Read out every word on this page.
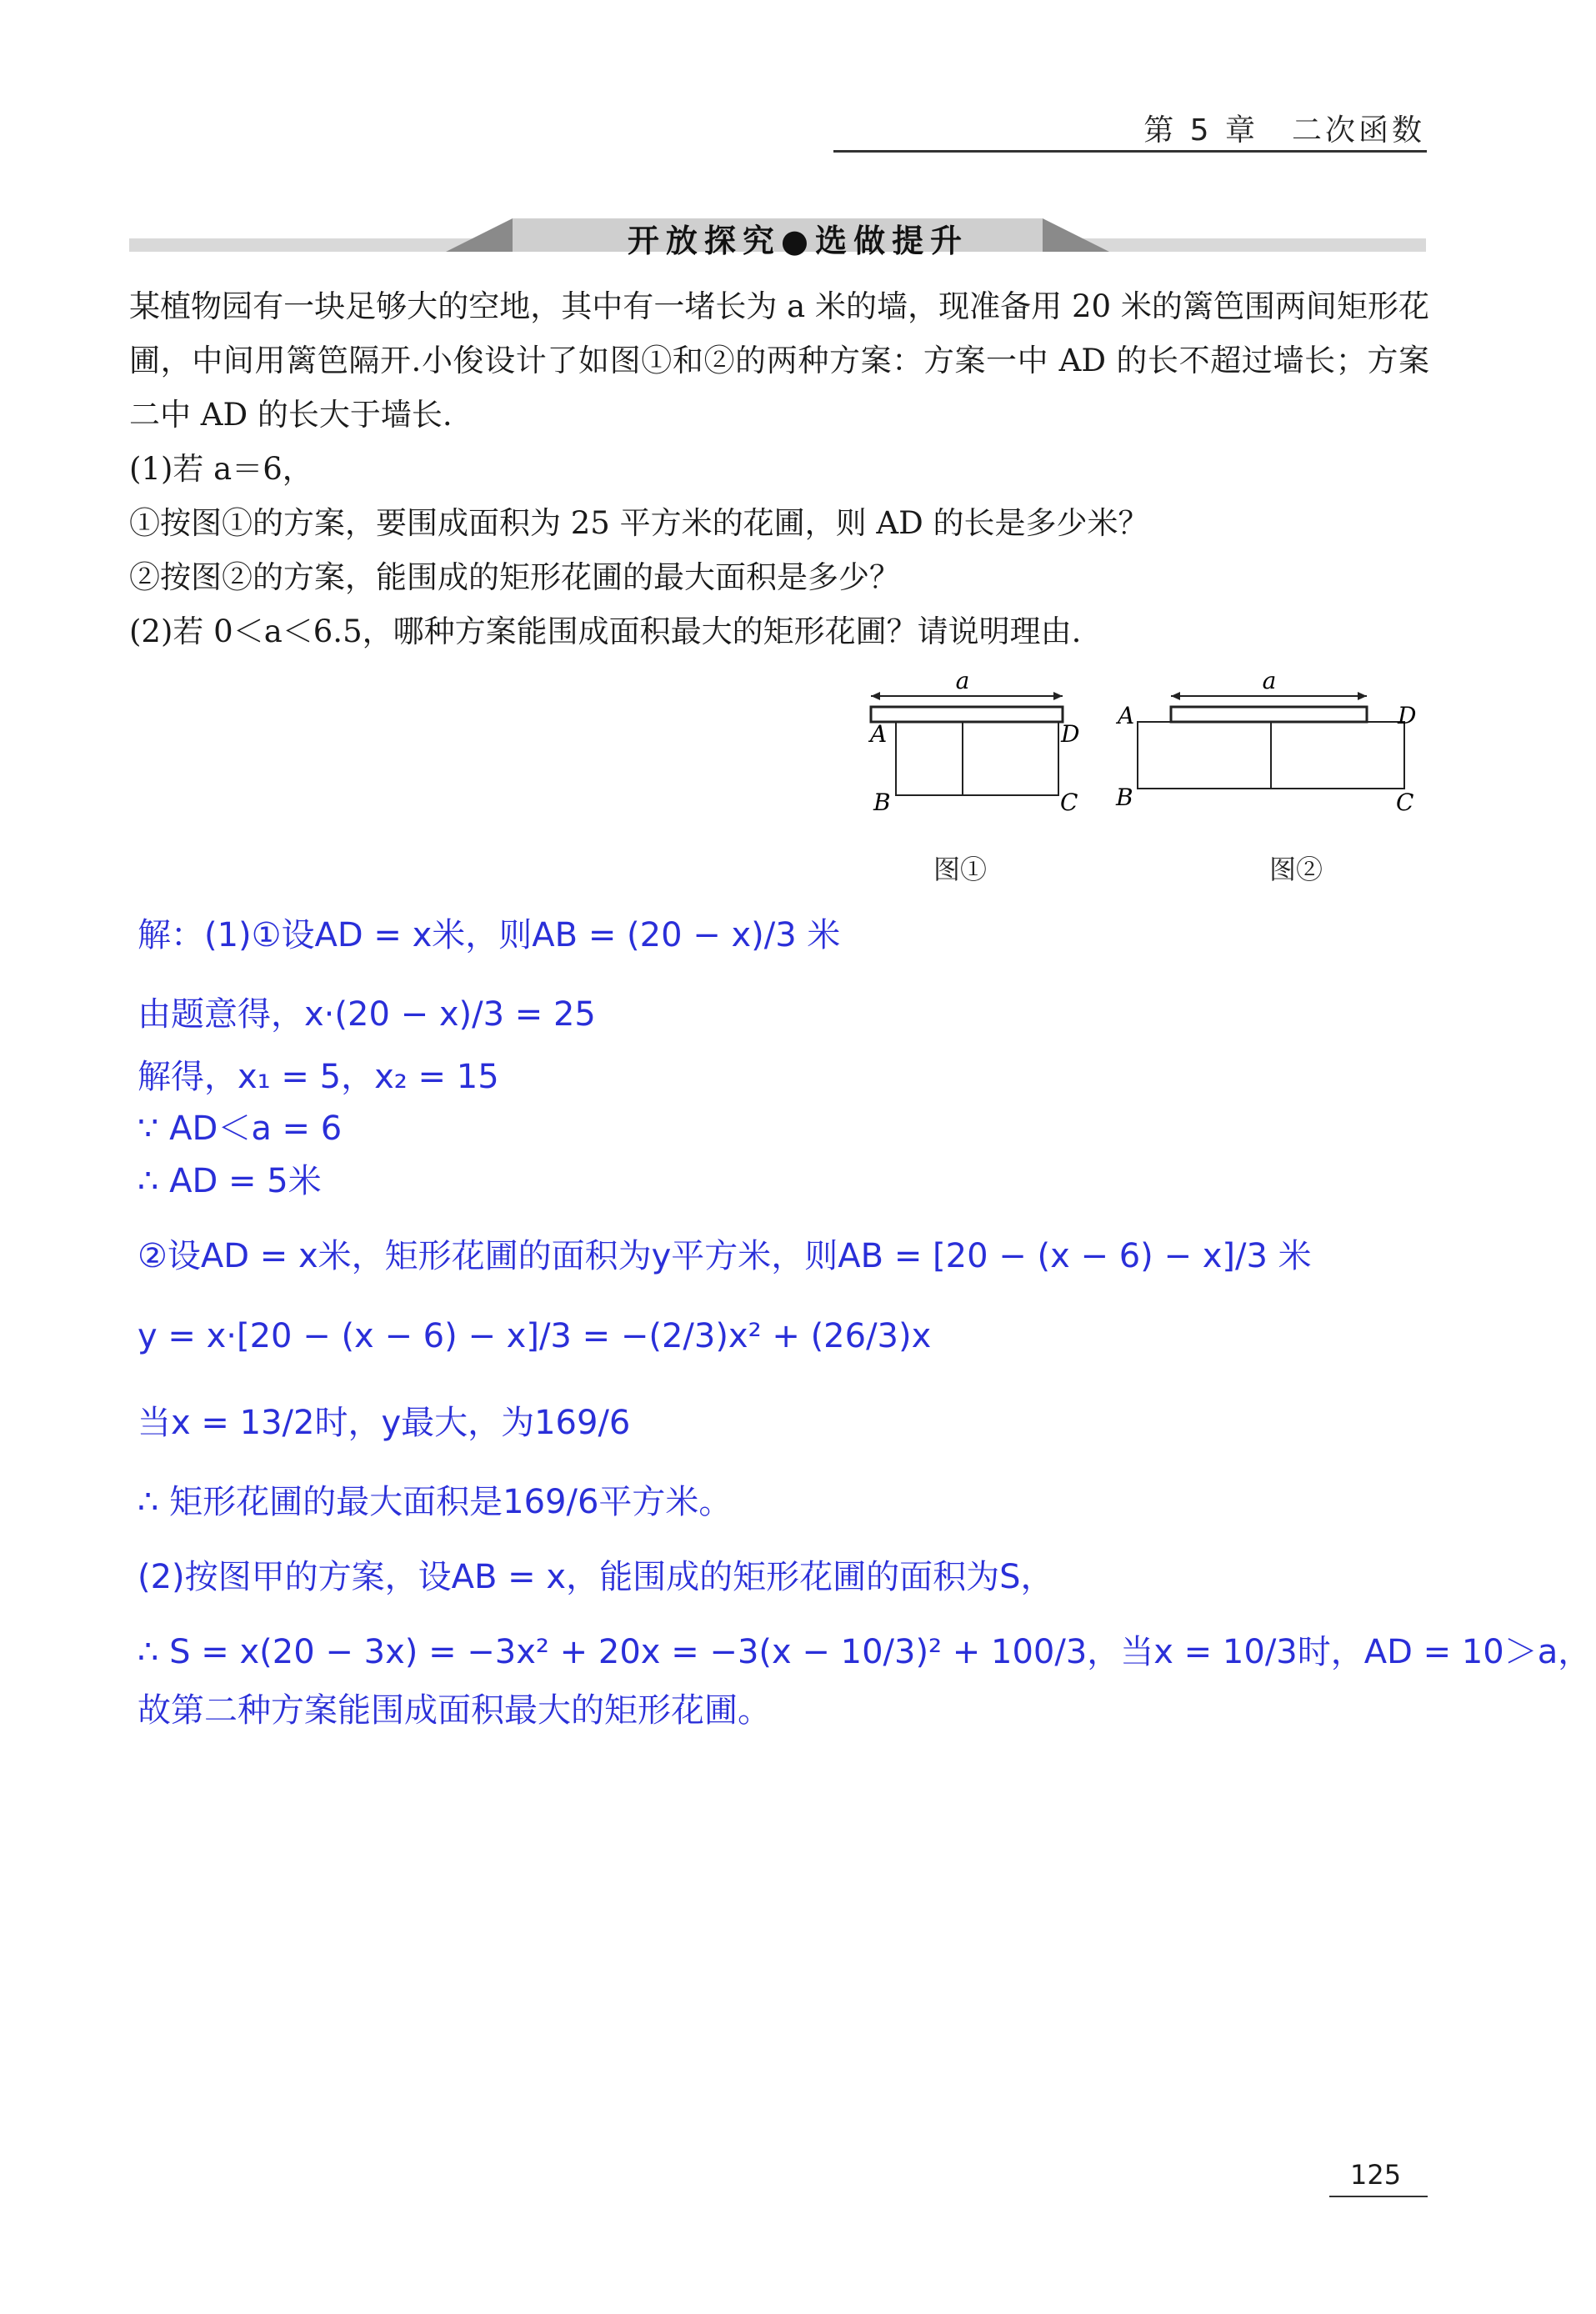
第 5 章　二次函数
开放探究●选做提升

某植物园有一块足够大的空地，其中有一堵长为 a 米的墙，现准备用 20 米的篱笆围两间矩形花圃，中间用篱笆隔开.小俊设计了如图①和②的两种方案：方案一中 AD 的长不超过墙长；方案二中 AD 的长大于墙长.

(1)若 a＝6，

①按图①的方案，要围成面积为 25 平方米的花圃，则 AD 的长是多少米？

②按图②的方案，能围成的矩形花圃的最大面积是多少？

(2)若 0＜a＜6.5，哪种方案能围成面积最大的矩形花圃？请说明理由.

a
A	D
B	C
图①
a
A	D
B	C
图②
解：(1)①设AD = x米，则AB = (20 − x)/3 米
由题意得，x·(20 − x)/3 = 25
解得，x₁ = 5，x₂ = 15
∵ AD＜a = 6
∴ AD = 5米
②设AD = x米，矩形花圃的面积为y平方米，则AB = [20 − (x − 6) − x]/3 米
y = x·[20 − (x − 6) − x]/3 = −(2/3)x² + (26/3)x
当x = 13/2时，y最大，为169/6
∴ 矩形花圃的最大面积是169/6平方米。
(2)按图甲的方案，设AB = x，能围成的矩形花圃的面积为S，
∴ S = x(20 − 3x) = −3x² + 20x = −3(x − 10/3)² + 100/3，当x = 10/3时，AD = 10＞a，
故第二种方案能围成面积最大的矩形花圃。
125
